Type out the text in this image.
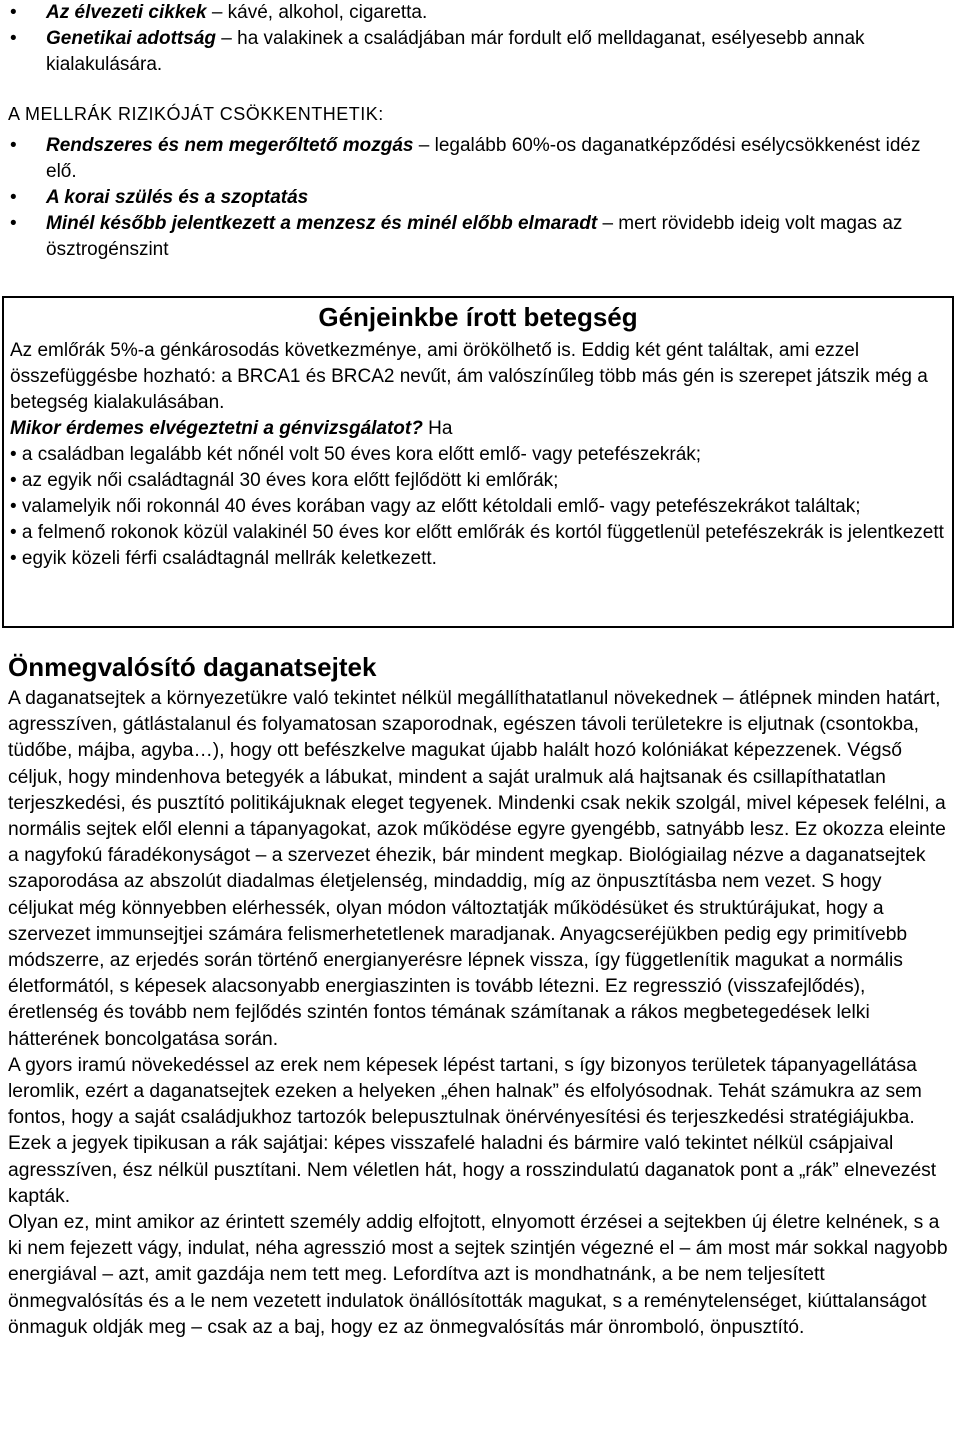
• Az élvezeti cikkek – kávé, alkohol, cigaretta.
• Genetikai adottság – ha valakinek a családjában már fordult elő melldaganat, esélyesebb annak kialakulására.
A MELLRÁK RIZIKÓJÁT CSÖKKENTHETIK:
• Rendszeres és nem megerőltető mozgás – legalább 60%-os daganatképződési esélycsökkenést idéz elő.
• A korai szülés és a szoptatás
• Minél később jelentkezett a menzesz és minél előbb elmaradt – mert rövidebb ideig volt magas az ösztrogénszint
Génjeinkbe írott betegség

Az emlőrák 5%-a génkárosodás következménye, ami örökölhető is. Eddig két gént találtak, ami ezzel összefüggésbe hozható: a BRCA1 és BRCA2 nevűt, ám valószínűleg több más gén is szerepet játszik még a betegség kialakulásában.

Mikor érdemes elvégeztetni a génvizsgálatot? Ha

• a családban legalább két nőnél volt 50 éves kora előtt emlő- vagy petefészekrák;
• az egyik női családtagnál 30 éves kora előtt fejlődött ki emlőrák;
• valamelyik női rokonnál 40 éves korában vagy az előtt kétoldali emlő- vagy petefészekrákot találtak;
• a felmenő rokonok közül valakinél 50 éves kor előtt emlőrák és kortól függetlenül petefészekrák is jelentkezett
• egyik közeli férfi családtagnál mellrák keletkezett.
Önmegvalósító daganatsejtek

A daganatsejtek a környezetükre való tekintet nélkül megállíthatatlanul növekednek – átlépnek minden határt, agresszíven, gátlástalanul és folyamatosan szaporodnak, egészen távoli területekre is eljutnak (csontokba, tüdőbe, májba, agyba…), hogy ott befészkelve magukat újabb halált hozó kolóniákat képezzenek. Végső céljuk, hogy mindenhova betegyék a lábukat, mindent a saját uralmuk alá hajtsanak és csillapíthatatlan terjeszkedési, és pusztító politikájuknak eleget tegyenek. Mindenki csak nekik szolgál, mivel képesek felélni, a normális sejtek elől elenni a tápanyagokat, azok működése egyre gyengébb, satnyább lesz. Ez okozza eleinte a nagyfokú fáradékonyságot – a szervezet éhezik, bár mindent megkap. Biológiailag nézve a daganatsejtek szaporodása az abszolút diadalmas életjelenség, mindaddig, míg az önpusztításba nem vezet. S hogy céljukat még könnyebben elérhessék, olyan módon változtatják működésüket és struktúrájukat, hogy a szervezet immunsejtjei számára felismerhetetlenek maradjanak. Anyagcseréjükben pedig egy primitívebb módszerre, az erjedés során történő energianyerésre lépnek vissza, így függetlenítik magukat a normális életformától, s képesek alacsonyabb energiaszinten is tovább létezni. Ez regresszió (visszafejlődés), éretlenség és tovább nem fejlődés szintén fontos témának számítanak a rákos megbetegedések lelki hátterének boncolgatása során.

A gyors iramú növekedéssel az erek nem képesek lépést tartani, s így bizonyos területek tápanyagellátása leromlik, ezért a daganatsejtek ezeken a helyeken „éhen halnak” és elfolyósodnak. Tehát számukra az sem fontos, hogy a saját családjukhoz tartozók belepusztulnak önérvényesítési és terjeszkedési stratégiájukba. Ezek a jegyek tipikusan a rák sajátjai: képes visszafelé haladni és bármire való tekintet nélkül csápjaival agresszíven, ész nélkül pusztítani. Nem véletlen hát, hogy a rosszindulatú daganatok pont a „rák” elnevezést kapták.

Olyan ez, mint amikor az érintett személy addig elfojtott, elnyomott érzései a sejtekben új életre kelnének, s a ki nem fejezett vágy, indulat, néha agresszió most a sejtek szintjén végezné el – ám most már sokkal nagyobb energiával – azt, amit gazdája nem tett meg. Lefordítva azt is mondhatnánk, a be nem teljesített önmegvalósítás és a le nem vezetett indulatok önállósították magukat, s a reménytelenséget, kiúttalanságot önmaguk oldják meg – csak az a baj, hogy ez az önmegvalósítás már önromboló, önpusztító.
